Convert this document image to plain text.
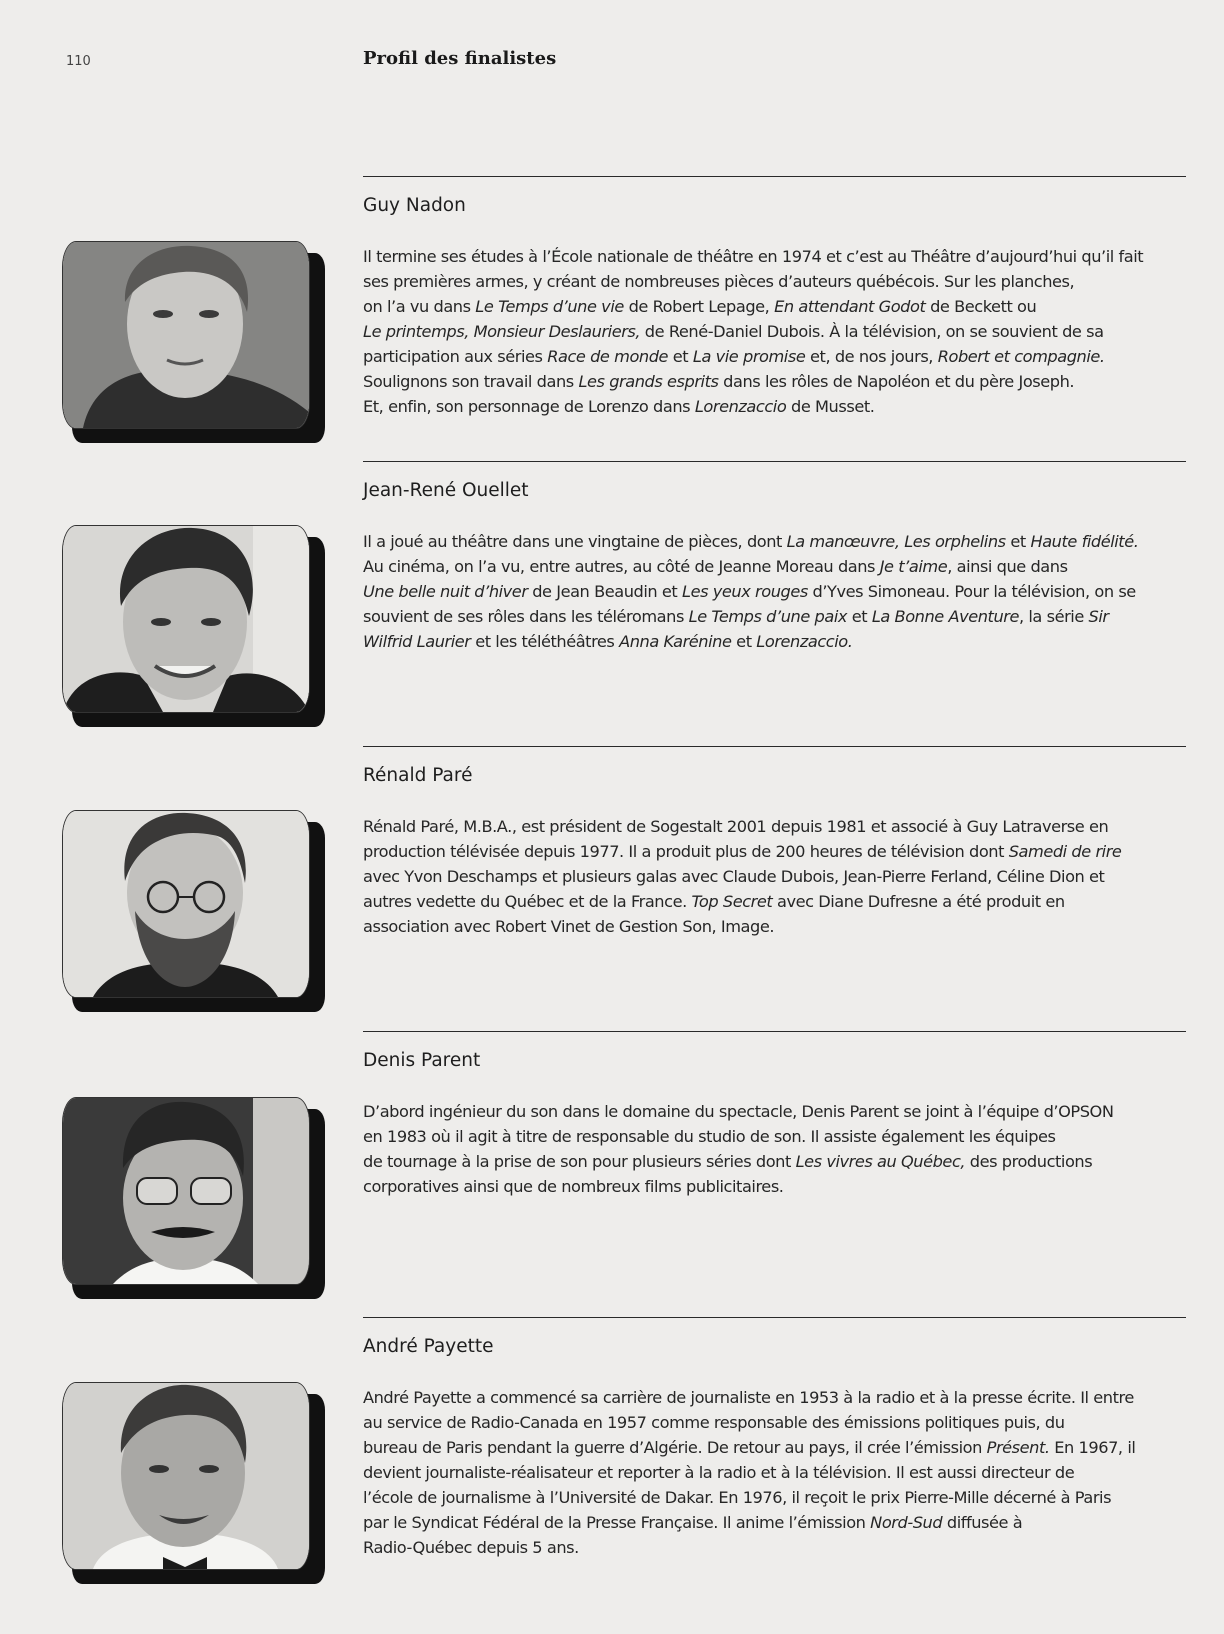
110	Profil des finalistes
Guy Nadon

Il termine ses études à l’École nationale de théâtre en 1974 et c’est au Théâtre d’aujourd’hui qu’il fait
ses premières armes, y créant de nombreuses pièces d’auteurs québécois. Sur les planches,
on l’a vu dans Le Temps d’une vie de Robert Lepage, En attendant Godot de Beckett ou
Le printemps, Monsieur Deslauriers, de René-Daniel Dubois. À la télévision, on se souvient de sa
participation aux séries Race de monde et La vie promise et, de nos jours, Robert et compagnie.
Soulignons son travail dans Les grands esprits dans les rôles de Napoléon et du père Joseph.
Et, enfin, son personnage de Lorenzo dans Lorenzaccio de Musset.

Jean-René Ouellet

Il a joué au théâtre dans une vingtaine de pièces, dont La manœuvre, Les orphelins et Haute fidélité.
Au cinéma, on l’a vu, entre autres, au côté de Jeanne Moreau dans Je t’aime, ainsi que dans
Une belle nuit d’hiver de Jean Beaudin et Les yeux rouges d’Yves Simoneau. Pour la télévision, on se
souvient de ses rôles dans les téléromans Le Temps d’une paix et La Bonne Aventure, la série Sir
Wilfrid Laurier et les téléthéâtres Anna Karénine et Lorenzaccio.

Rénald Paré

Rénald Paré, M.B.A., est président de Sogestalt 2001 depuis 1981 et associé à Guy Latraverse en
production télévisée depuis 1977. Il a produit plus de 200 heures de télévision dont Samedi de rire
avec Yvon Deschamps et plusieurs galas avec Claude Dubois, Jean-Pierre Ferland, Céline Dion et
autres vedette du Québec et de la France. Top Secret avec Diane Dufresne a été produit en
association avec Robert Vinet de Gestion Son, Image.

Denis Parent

D’abord ingénieur du son dans le domaine du spectacle, Denis Parent se joint à l’équipe d’OPSON
en 1983 où il agit à titre de responsable du studio de son. Il assiste également les équipes
de tournage à la prise de son pour plusieurs séries dont Les vivres au Québec, des productions
corporatives ainsi que de nombreux films publicitaires.

André Payette

André Payette a commencé sa carrière de journaliste en 1953 à la radio et à la presse écrite. Il entre
au service de Radio-Canada en 1957 comme responsable des émissions politiques puis, du
bureau de Paris pendant la guerre d’Algérie. De retour au pays, il crée l’émission Présent. En 1967, il
devient journaliste-réalisateur et reporter à la radio et à la télévision. Il est aussi directeur de
l’école de journalisme à l’Université de Dakar. En 1976, il reçoit le prix Pierre-Mille décerné à Paris
par le Syndicat Fédéral de la Presse Française. Il anime l’émission Nord-Sud diffusée à
Radio-Québec depuis 5 ans.
